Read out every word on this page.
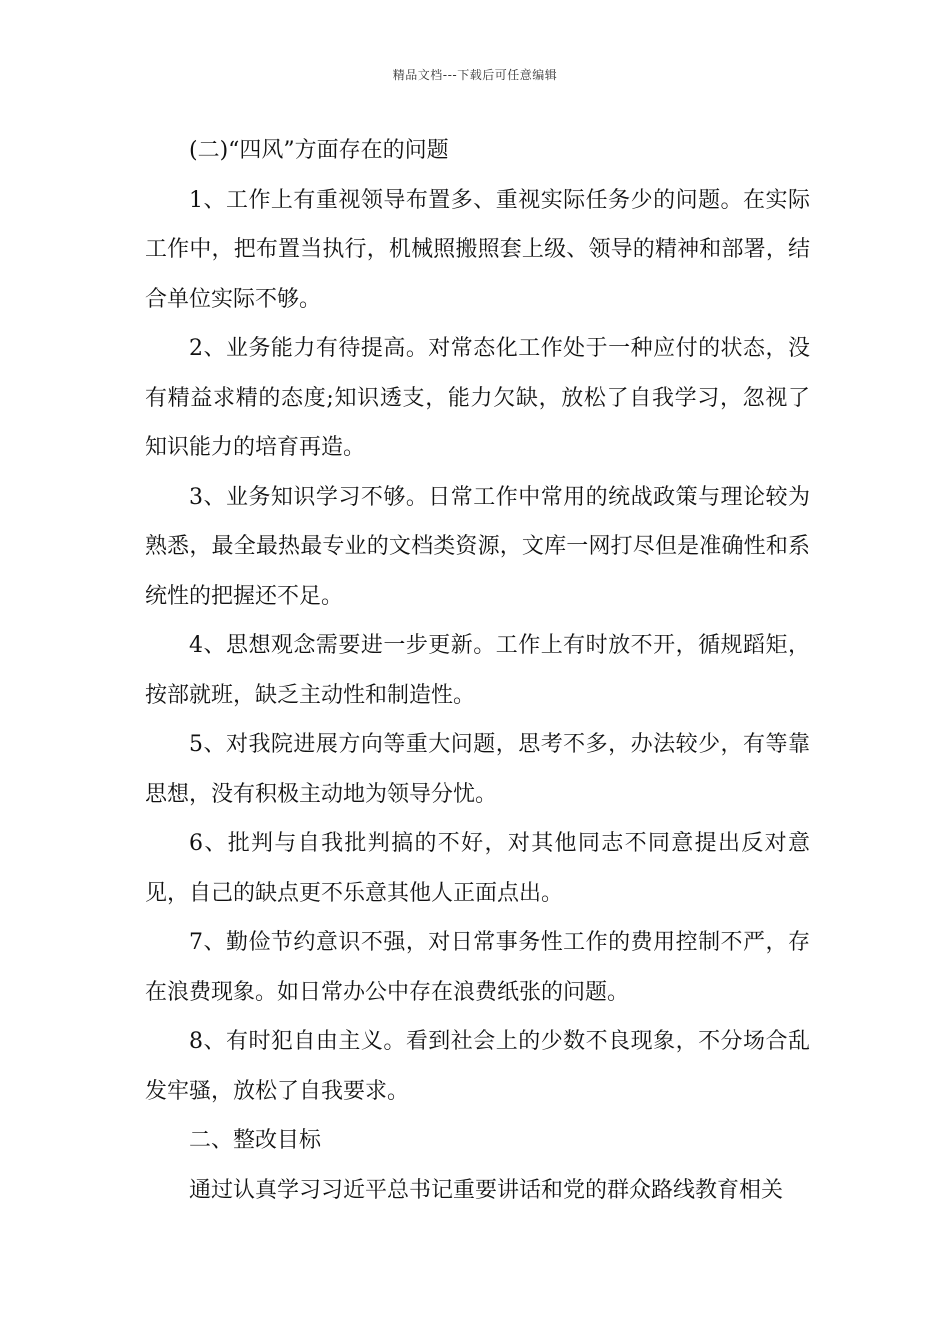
精品文档---下载后可任意编辑

(二)“四风”方面存在的问题

1、工作上有重视领导布置多、重视实际任务少的问题。在实际工作中，把布置当执行，机械照搬照套上级、领导的精神和部署，结合单位实际不够。

2、业务能力有待提高。对常态化工作处于一种应付的状态，没有精益求精的态度;知识透支，能力欠缺，放松了自我学习，忽视了知识能力的培育再造。

3、业务知识学习不够。日常工作中常用的统战政策与理论较为熟悉，最全最热最专业的文档类资源，文库一网打尽但是准确性和系统性的把握还不足。

4、思想观念需要进一步更新。工作上有时放不开，循规蹈矩，按部就班，缺乏主动性和制造性。

5、对我院进展方向等重大问题，思考不多，办法较少，有等靠思想，没有积极主动地为领导分忧。

6、批判与自我批判搞的不好，对其他同志不同意提出反对意见，自己的缺点更不乐意其他人正面点出。

7、勤俭节约意识不强，对日常事务性工作的费用控制不严，存在浪费现象。如日常办公中存在浪费纸张的问题。

8、有时犯自由主义。看到社会上的少数不良现象，不分场合乱发牢骚，放松了自我要求。

二、整改目标

通过认真学习习近平总书记重要讲话和党的群众路线教育相关
